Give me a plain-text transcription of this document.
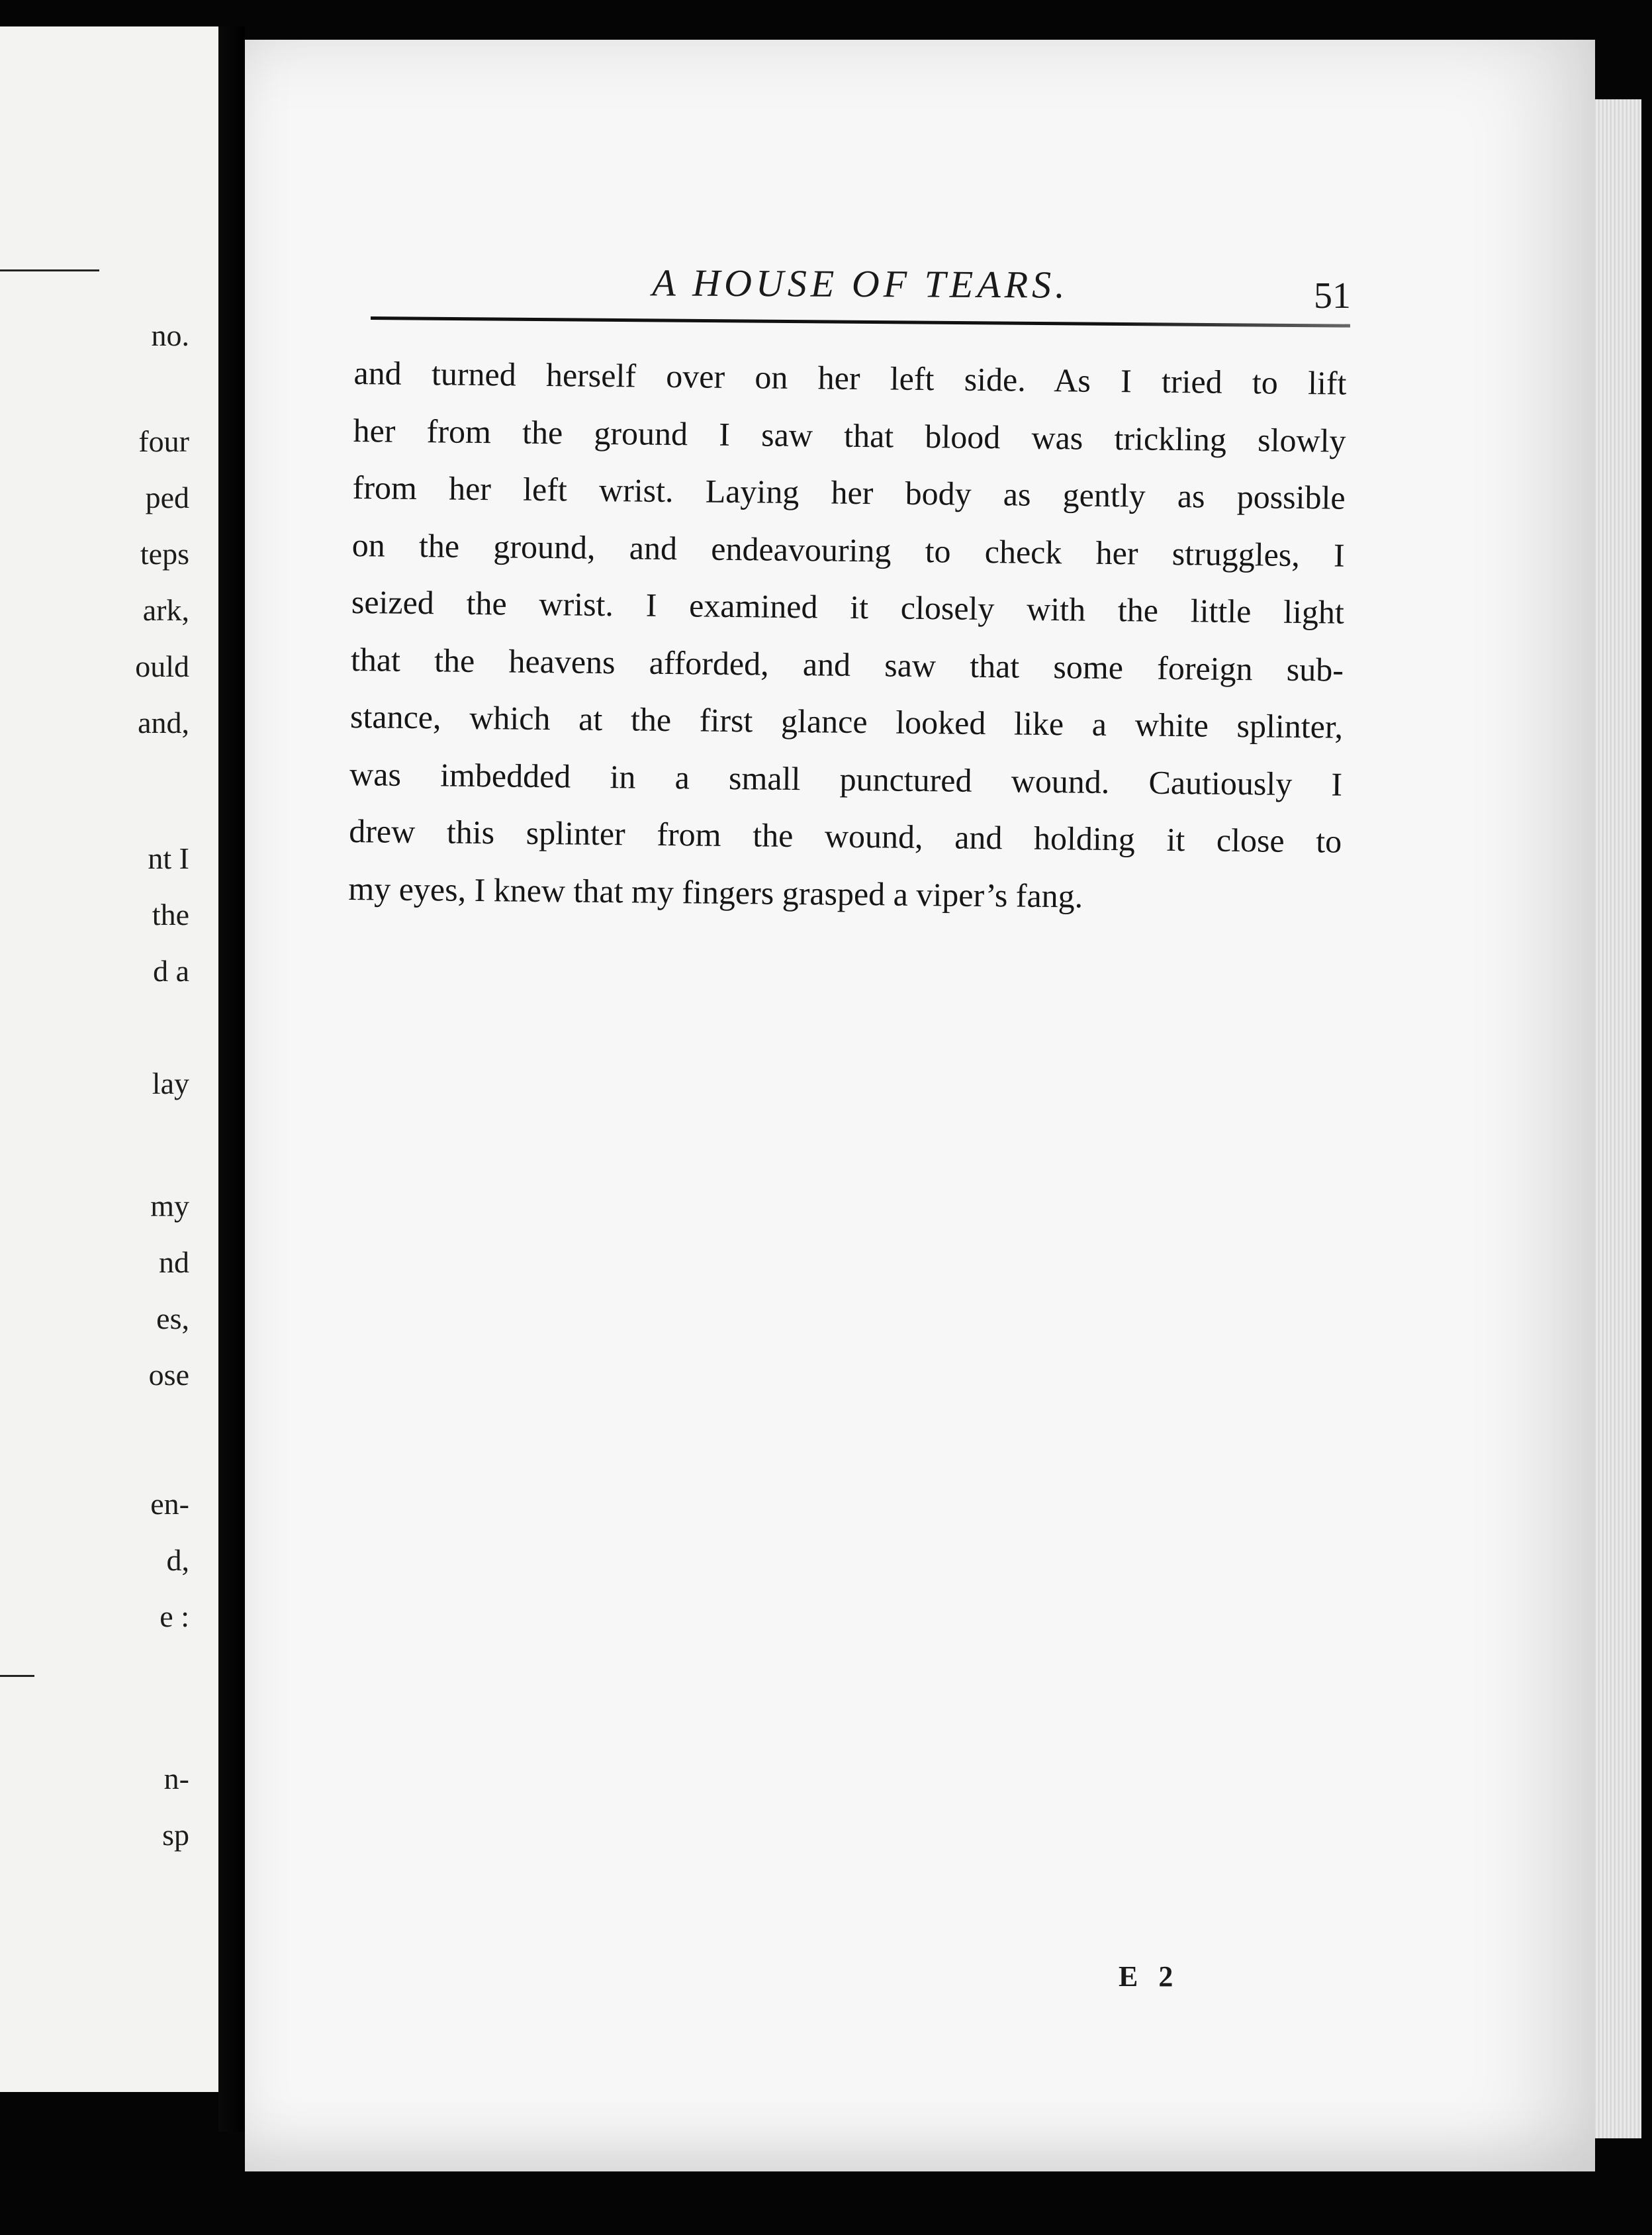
no.
four
ped
teps
ark,
ould
and,
nt I
the
d a
lay
my
nd
es,
ose
en-
d,
e :
n-
sp
A HOUSE OF TEARS.	51
and turned herself over on her left side. As I tried to lift
her from the ground I saw that blood was trickling slowly
from her left wrist. Laying her body as gently as possible
on the ground, and endeavouring to check her struggles, I
seized the wrist. I examined it closely with the little light
that the heavens afforded, and saw that some foreign sub-
stance, which at the first glance looked like a white splinter,
was imbedded in a small punctured wound. Cautiously I
drew this splinter from the wound, and holding it close to
my eyes, I knew that my fingers grasped a viper’s fang.
E 2
